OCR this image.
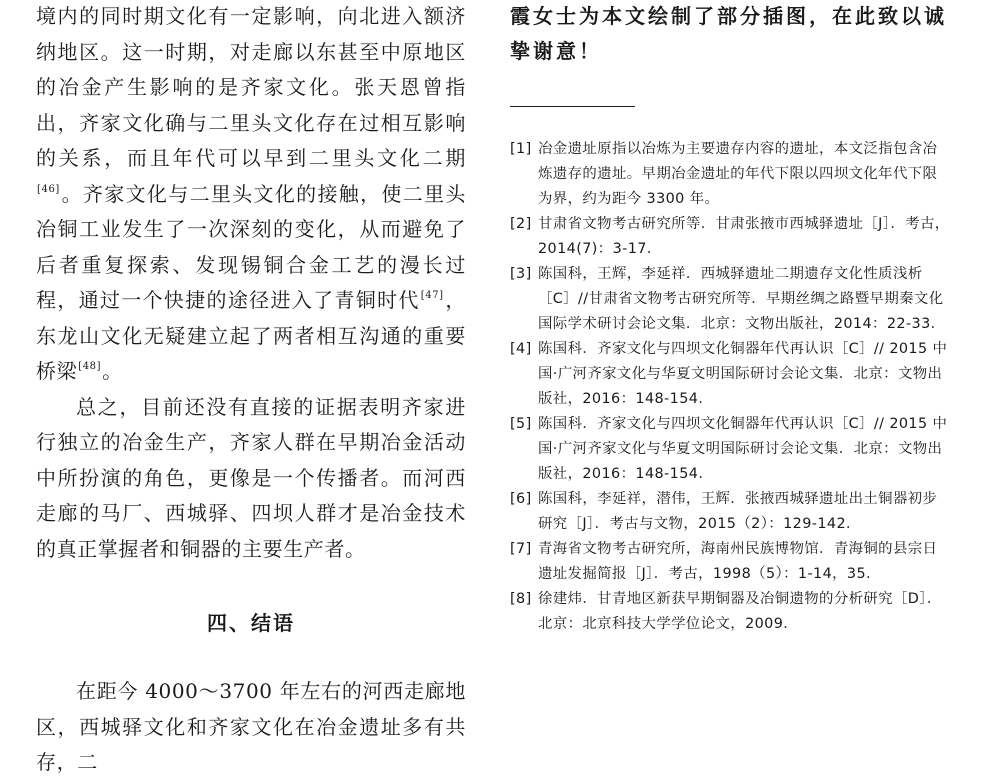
境内的同时期文化有一定影响，向北进入额济纳地区。这一时期，对走廊以东甚至中原地区的冶金产生影响的是齐家文化。张天恩曾指出，齐家文化确与二里头文化存在过相互影响的关系，而且年代可以早到二里头文化二期[46]。齐家文化与二里头文化的接触，使二里头冶铜工业发生了一次深刻的变化，从而避免了后者重复探索、发现锡铜合金工艺的漫长过程，通过一个快捷的途径进入了青铜时代[47]，东龙山文化无疑建立起了两者相互沟通的重要桥梁[48]。

总之，目前还没有直接的证据表明齐家进行独立的冶金生产，齐家人群在早期冶金活动中所扮演的角色，更像是一个传播者。而河西走廊的马厂、西城驿、四坝人群才是冶金技术的真正掌握者和铜器的主要生产者。

四、结语

在距今 4000～3700 年左右的河西走廊地区，西城驿文化和齐家文化在冶金遗址多有共存，二

霞女士为本文绘制了部分插图，在此致以诚挚谢意！

[1] 冶金遗址原指以冶炼为主要遗存内容的遗址，本文泛指包含冶炼遗存的遗址。早期冶金遗址的年代下限以四坝文化年代下限为界，约为距今 3300 年。
[2] 甘肃省文物考古研究所等．甘肃张掖市西城驿遗址［J］．考古，2014(7)：3-17．
[3] 陈国科，王辉，李延祥．西城驿遗址二期遗存文化性质浅析［C］//甘肃省文物考古研究所等．早期丝绸之路暨早期秦文化国际学术研讨会论文集．北京：文物出版社，2014：22-33．
[4] 陈国科．齐家文化与四坝文化铜器年代再认识［C］// 2015 中国·广河齐家文化与华夏文明国际研讨会论文集．北京：文物出版社，2016：148-154．
[5] 陈国科．齐家文化与四坝文化铜器年代再认识［C］// 2015 中国·广河齐家文化与华夏文明国际研讨会论文集．北京：文物出版社，2016：148-154．
[6] 陈国科，李延祥，潜伟，王辉．张掖西城驿遗址出土铜器初步研究［J］．考古与文物，2015（2）：129-142．
[7] 青海省文物考古研究所，海南州民族博物馆．青海铜的县宗日遗址发掘简报［J］．考古，1998（5）：1-14，35．
[8] 徐建炜．甘青地区新获早期铜器及冶铜遗物的分析研究［D］．北京：北京科技大学学位论文，2009．
